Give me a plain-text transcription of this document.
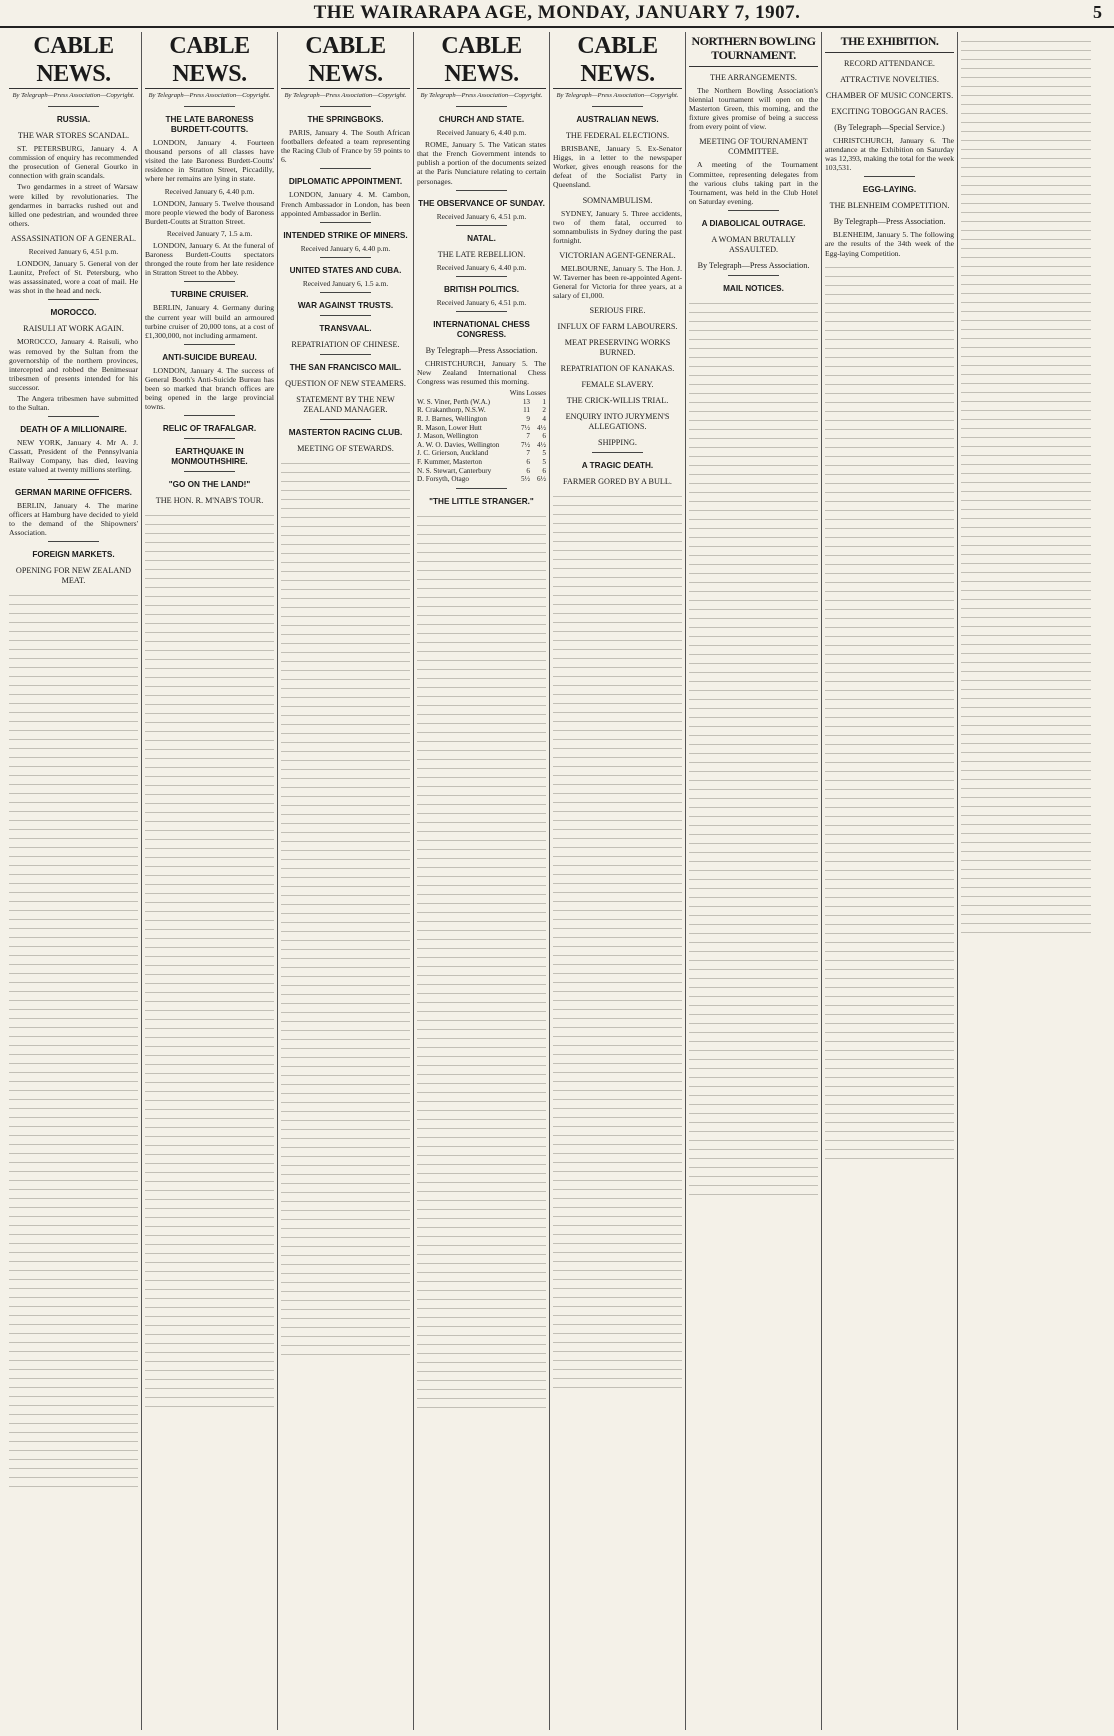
THE WAIRARAPA AGE, MONDAY, JANUARY 7, 1907.	5
CABLE NEWS.
By Telegraph—Press Association—Copyright.
RUSSIA.
THE WAR STORES SCANDAL.
ST. PETERSBURG, January 4. A commission of enquiry has recommended the prosecution of General Gourko in connection with grain scandals.
Two gendarmes in a street of Warsaw were killed by revolutionaries. The gendarmes in barracks rushed out and killed one pedestrian, and wounded three others.
ASSASSINATION OF A GENERAL.
Received January 6, 4.51 p.m.
LONDON, January 5. General von der Launitz, Prefect of St. Petersburg, who was assassinated, wore a coat of mail. He was shot in the head and neck.
MOROCCO.
RAISULI AT WORK AGAIN.
MOROCCO, January 4. Raisuli, who was removed by the Sultan from the governorship of the northern provinces, intercepted and robbed the Benimesuar tribesmen of presents intended for his successor.
The Angera tribesmen have submitted to the Sultan.
DEATH OF A MILLIONAIRE.
NEW YORK, January 4. Mr A. J. Cassatt, President of the Pennsylvania Railway Company, has died, leaving estate valued at twenty millions sterling.
GERMAN MARINE OFFICERS.
BERLIN, January 4. The marine officers at Hamburg have decided to yield to the demand of the Shipowners' Association.
FOREIGN MARKETS.
OPENING FOR NEW ZEALAND MEAT.
CABLE NEWS.
By Telegraph—Press Association—Copyright.
THE LATE BARONESS BURDETT-COUTTS.
LONDON, January 4. Fourteen thousand persons of all classes have visited the late Baroness Burdett-Coutts' residence in Stratton Street, Piccadilly, where her remains are lying in state.
Received January 6, 4.40 p.m.
LONDON, January 5. Twelve thousand more people viewed the body of Baroness Burdett-Coutts at Stratton Street.
Received January 7, 1.5 a.m.
LONDON, January 6. At the funeral of Baroness Burdett-Coutts spectators thronged the route from her late residence in Stratton Street to the Abbey.
TURBINE CRUISER.
BERLIN, January 4. Germany during the current year will build an armoured turbine cruiser of 20,000 tons, at a cost of £1,300,000, not including armament.
ANTI-SUICIDE BUREAU.
LONDON, January 4. The success of General Booth's Anti-Suicide Bureau has been so marked that branch offices are being opened in the large provincial towns.
RELIC OF TRAFALGAR.
EARTHQUAKE IN MONMOUTHSHIRE.
"GO ON THE LAND!"
THE HON. R. M'NAB'S TOUR.
CABLE NEWS.
By Telegraph—Press Association—Copyright.
THE SPRINGBOKS.
PARIS, January 4. The South African footballers defeated a team representing the Racing Club of France by 59 points to 6.
DIPLOMATIC APPOINTMENT.
LONDON, January 4. M. Cambon, French Ambassador in London, has been appointed Ambassador in Berlin.
INTENDED STRIKE OF MINERS.
Received January 6, 4.40 p.m.
UNITED STATES AND CUBA.
Received January 6, 1.5 a.m.
WAR AGAINST TRUSTS.
TRANSVAAL.
REPATRIATION OF CHINESE.
THE SAN FRANCISCO MAIL.
QUESTION OF NEW STEAMERS.
STATEMENT BY THE NEW ZEALAND MANAGER.
MASTERTON RACING CLUB.
MEETING OF STEWARDS.
CABLE NEWS.
By Telegraph—Press Association—Copyright.
CHURCH AND STATE.
Received January 6, 4.40 p.m.
ROME, January 5. The Vatican states that the French Government intends to publish a portion of the documents seized at the Paris Nunciature relating to certain personages.
THE OBSERVANCE OF SUNDAY.
Received January 6, 4.51 p.m.
NATAL.
THE LATE REBELLION.
Received January 6, 4.40 p.m.
BRITISH POLITICS.
Received January 6, 4.51 p.m.
INTERNATIONAL CHESS CONGRESS.
By Telegraph—Press Association.
CHRISTCHURCH, January 5. The New Zealand International Chess Congress was resumed this morning.
Wins Losses		
W. S. Viner, Perth (W.A.)	13	1
R. Crakanthorp, N.S.W.	11	2
R. J. Barnes, Wellington	9	4
R. Mason, Lower Hutt	7½	4½
J. Mason, Wellington	7	6
A. W. O. Davies, Wellington	7½	4½
J. C. Grierson, Auckland	7	5
F. Kummer, Masterton	6	5
N. S. Stewart, Canterbury	6	6
D. Forsyth, Otago	5½	6½
"THE LITTLE STRANGER."
CABLE NEWS.
By Telegraph—Press Association—Copyright.
AUSTRALIAN NEWS.
THE FEDERAL ELECTIONS.
BRISBANE, January 5. Ex-Senator Higgs, in a letter to the newspaper Worker, gives enough reasons for the defeat of the Socialist Party in Queensland.
SOMNAMBULISM.
SYDNEY, January 5. Three accidents, two of them fatal, occurred to somnambulists in Sydney during the past fortnight.
VICTORIAN AGENT-GENERAL.
MELBOURNE, January 5. The Hon. J. W. Taverner has been re-appointed Agent-General for Victoria for three years, at a salary of £1,000.
SERIOUS FIRE.
INFLUX OF FARM LABOURERS.
MEAT PRESERVING WORKS BURNED.
REPATRIATION OF KANAKAS.
FEMALE SLAVERY.
THE CRICK-WILLIS TRIAL.
ENQUIRY INTO JURYMEN'S ALLEGATIONS.
SHIPPING.
A TRAGIC DEATH.
FARMER GORED BY A BULL.
NORTHERN BOWLING TOURNAMENT.
THE ARRANGEMENTS.
The Northern Bowling Association's biennial tournament will open on the Masterton Green, this morning, and the fixture gives promise of being a success from every point of view.
MEETING OF TOURNAMENT COMMITTEE.
A meeting of the Tournament Committee, representing delegates from the various clubs taking part in the Tournament, was held in the Club Hotel on Saturday evening.
A DIABOLICAL OUTRAGE.
A WOMAN BRUTALLY ASSAULTED.
By Telegraph—Press Association.
MAIL NOTICES.
THE EXHIBITION.
RECORD ATTENDANCE.
ATTRACTIVE NOVELTIES.
CHAMBER OF MUSIC CONCERTS.
EXCITING TOBOGGAN RACES.
(By Telegraph—Special Service.)
CHRISTCHURCH, January 6. The attendance at the Exhibition on Saturday was 12,393, making the total for the week 103,531.
EGG-LAYING.
THE BLENHEIM COMPETITION.
By Telegraph—Press Association.
BLENHEIM, January 5. The following are the results of the 34th week of the Egg-laying Competition.
